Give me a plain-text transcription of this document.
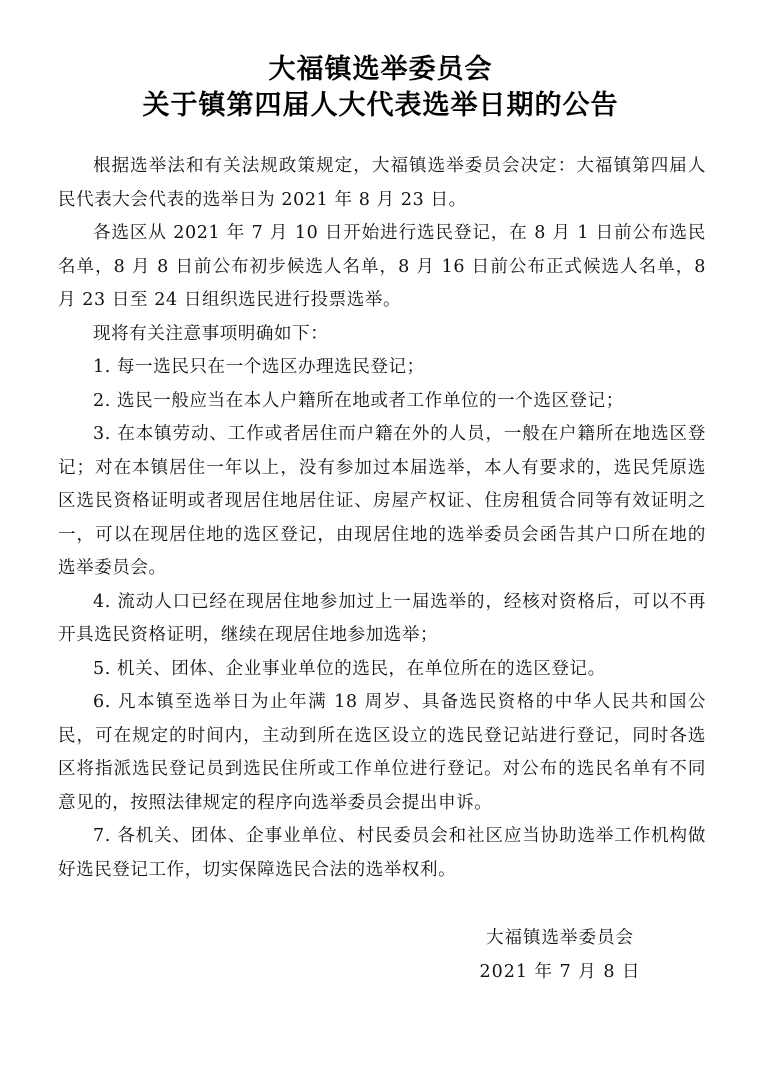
大福镇选举委员会
关于镇第四届人大代表选举日期的公告

根据选举法和有关法规政策规定，大福镇选举委员会决定：大福镇第四届人民代表大会代表的选举日为 2021 年 8 月 23 日。

各选区从 2021 年 7 月 10 日开始进行选民登记，在 8 月 1 日前公布选民名单，8 月 8 日前公布初步候选人名单，8 月 16 日前公布正式候选人名单，8 月 23 日至 24 日组织选民进行投票选举。

现将有关注意事项明确如下：

1. 每一选民只在一个选区办理选民登记；

2. 选民一般应当在本人户籍所在地或者工作单位的一个选区登记；

3. 在本镇劳动、工作或者居住而户籍在外的人员，一般在户籍所在地选区登记；对在本镇居住一年以上，没有参加过本届选举，本人有要求的，选民凭原选区选民资格证明或者现居住地居住证、房屋产权证、住房租赁合同等有效证明之一，可以在现居住地的选区登记，由现居住地的选举委员会函告其户口所在地的选举委员会。

4. 流动人口已经在现居住地参加过上一届选举的，经核对资格后，可以不再开具选民资格证明，继续在现居住地参加选举；

5. 机关、团体、企业事业单位的选民，在单位所在的选区登记。

6. 凡本镇至选举日为止年满 18 周岁、具备选民资格的中华人民共和国公民，可在规定的时间内，主动到所在选区设立的选民登记站进行登记，同时各选区将指派选民登记员到选民住所或工作单位进行登记。对公布的选民名单有不同意见的，按照法律规定的程序向选举委员会提出申诉。

7. 各机关、团体、企事业单位、村民委员会和社区应当协助选举工作机构做好选民登记工作，切实保障选民合法的选举权利。

大福镇选举委员会
2021 年 7 月 8 日
